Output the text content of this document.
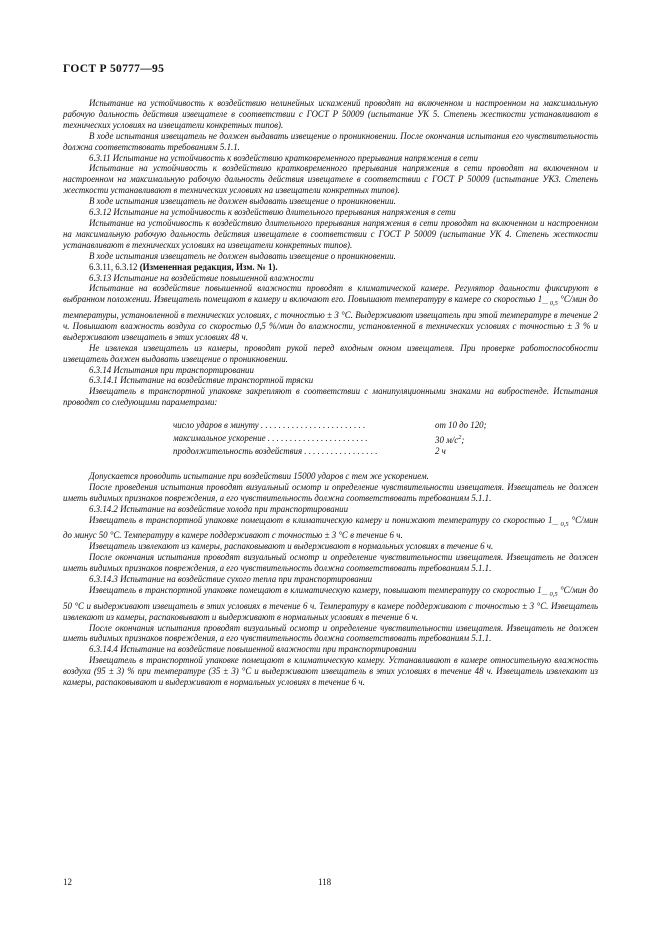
ГОСТ Р 50777—95

Испытание на устойчивость к воздействию нелинейных искажений проводят на включенном и настроенном на максимальную рабочую дальность действия извещателе в соответствии с ГОСТ Р 50009 (испытание УК 5. Степень жесткости устанавливают в технических условиях на извещатели конкретных типов).

В ходе испытания извещатель не должен выдавать извещение о проникновении. После окончания испытания его чувствительность должна соответствовать требованиям 5.1.1.

6.3.11 Испытание на устойчивость к воздействию кратковременного прерывания напряжения в сети

Испытание на устойчивость к воздействию кратковременного прерывания напряжения в сети проводят на включенном и настроенном на максимальную рабочую дальность действия извещателе в соответствии с ГОСТ Р 50009 (испытание УК3. Степень жесткости устанавливают в технических условиях на извещатели конкретных типов).

В ходе испытания извещатель не должен выдавать извещение о проникновении.

6.3.12 Испытание на устойчивость к воздействию длительного прерывания напряжения в сети

Испытание на устойчивость к воздействию длительного прерывания напряжения в сети проводят на включенном и настроенном на максимальную рабочую дальность действия извещателе в соответствии с ГОСТ Р 50009 (испытание УК 4. Степень жесткости устанавливают в технических условиях на извещатели конкретных типов).

В ходе испытания извещатель не должен выдавать извещение о проникновении.

6.3.11, 6.3.12 (Измененная редакция, Изм. № 1).

6.3.13 Испытание на воздействие повышенной влажности

Испытание на воздействие повышенной влажности проводят в климатической камере. Регулятор дальности фиксируют в выбранном положении. Извещатель помещают в камеру и включают его. Повышают температуру в камере со скоростью $1_{— 0,5}$ °С/мин до температуры, установленной в технических условиях, с точностью ± 3 °С. Выдерживают извещатель при этой температуре в течение 2 ч. Повышают влажность воздуха со скоростью 0,5 %/мин до влажности, установленной в технических условиях с точностью ± 3 % и выдерживают извещатель в этих условиях 48 ч.

Не извлекая извещатель из камеры, проводят рукой перед входным окном извещателя. При проверке работоспособности извещатель должен выдавать извещение о проникновении.

6.3.14 Испытания при транспортировании

6.3.14.1 Испытание на воздействие транспортной тряски

Извещатель в транспортной упаковке закрепляют в соответствии с манипуляционными знаками на вибростенде. Испытания проводят со следующими параметрами:

число ударов в минуту . . . . . . . . . . . . . . . . . . . . . . . .	от 10 до 120;
максимальное ускорение . . . . . . . . . . . . . . . . . . . . . . .	30 $м/с^2$;
продолжительность воздействия . . . . . . . . . . . . . . . . .	2 ч

Допускается проводить испытание при воздействии 15000 ударов с тем же ускорением.

После проведения испытания проводят визуальный осмотр и определение чувствительности извещателя. Извещатель не должен иметь видимых признаков повреждения, а его чувствительность должна соответствовать требованиям 5.1.1.

6.3.14.2 Испытание на воздействие холода при транспортировании

Извещатель в транспортной упаковке помещают в климатическую камеру и понижают температуру со скоростью $1_{— 0,5}$ °С/мин до минус 50 °С. Температуру в камере поддерживают с точностью ± 3 °С в течение 6 ч.

Извещатель извлекают из камеры, распаковывают и выдерживают в нормальных условиях в течение 6 ч.

После окончания испытания проводят визуальный осмотр и определение чувствительности извещателя. Извещатель не должен иметь видимых признаков повреждения, а его чувствительность должна соответствовать требованиям 5.1.1.

6.3.14.3 Испытание на воздействие сухого тепла при транспортировании

Извещатель в транспортной упаковке помещают в климатическую камеру, повышают температуру со скоростью $1_{— 0,5}$ °С/мин до 50 °С и выдерживают извещатель в этих условиях в течение 6 ч. Температуру в камере поддерживают с точностью ± 3 °С. Извещатель извлекают из камеры, распаковывают и выдерживают в нормальных условиях в течение 6 ч.

После окончания испытания проводят визуальный осмотр и определение чувствительности извещателя. Извещатель не должен иметь видимых признаков повреждения, а его чувствительность должна соответствовать требованиям 5.1.1.

6.3.14.4 Испытание на воздействие повышенной влажности при транспортировании

Извещатель в транспортной упаковке помещают в климатическую камеру. Устанавливают в камере относительную влажность воздуха (95 ± 3) % при температуре (35 ± 3) °С и выдерживают извещатель в этих условиях в течение 48 ч. Извещатель извлекают из камеры, распаковывают и выдерживают в нормальных условиях в течение 6 ч.

12	118
